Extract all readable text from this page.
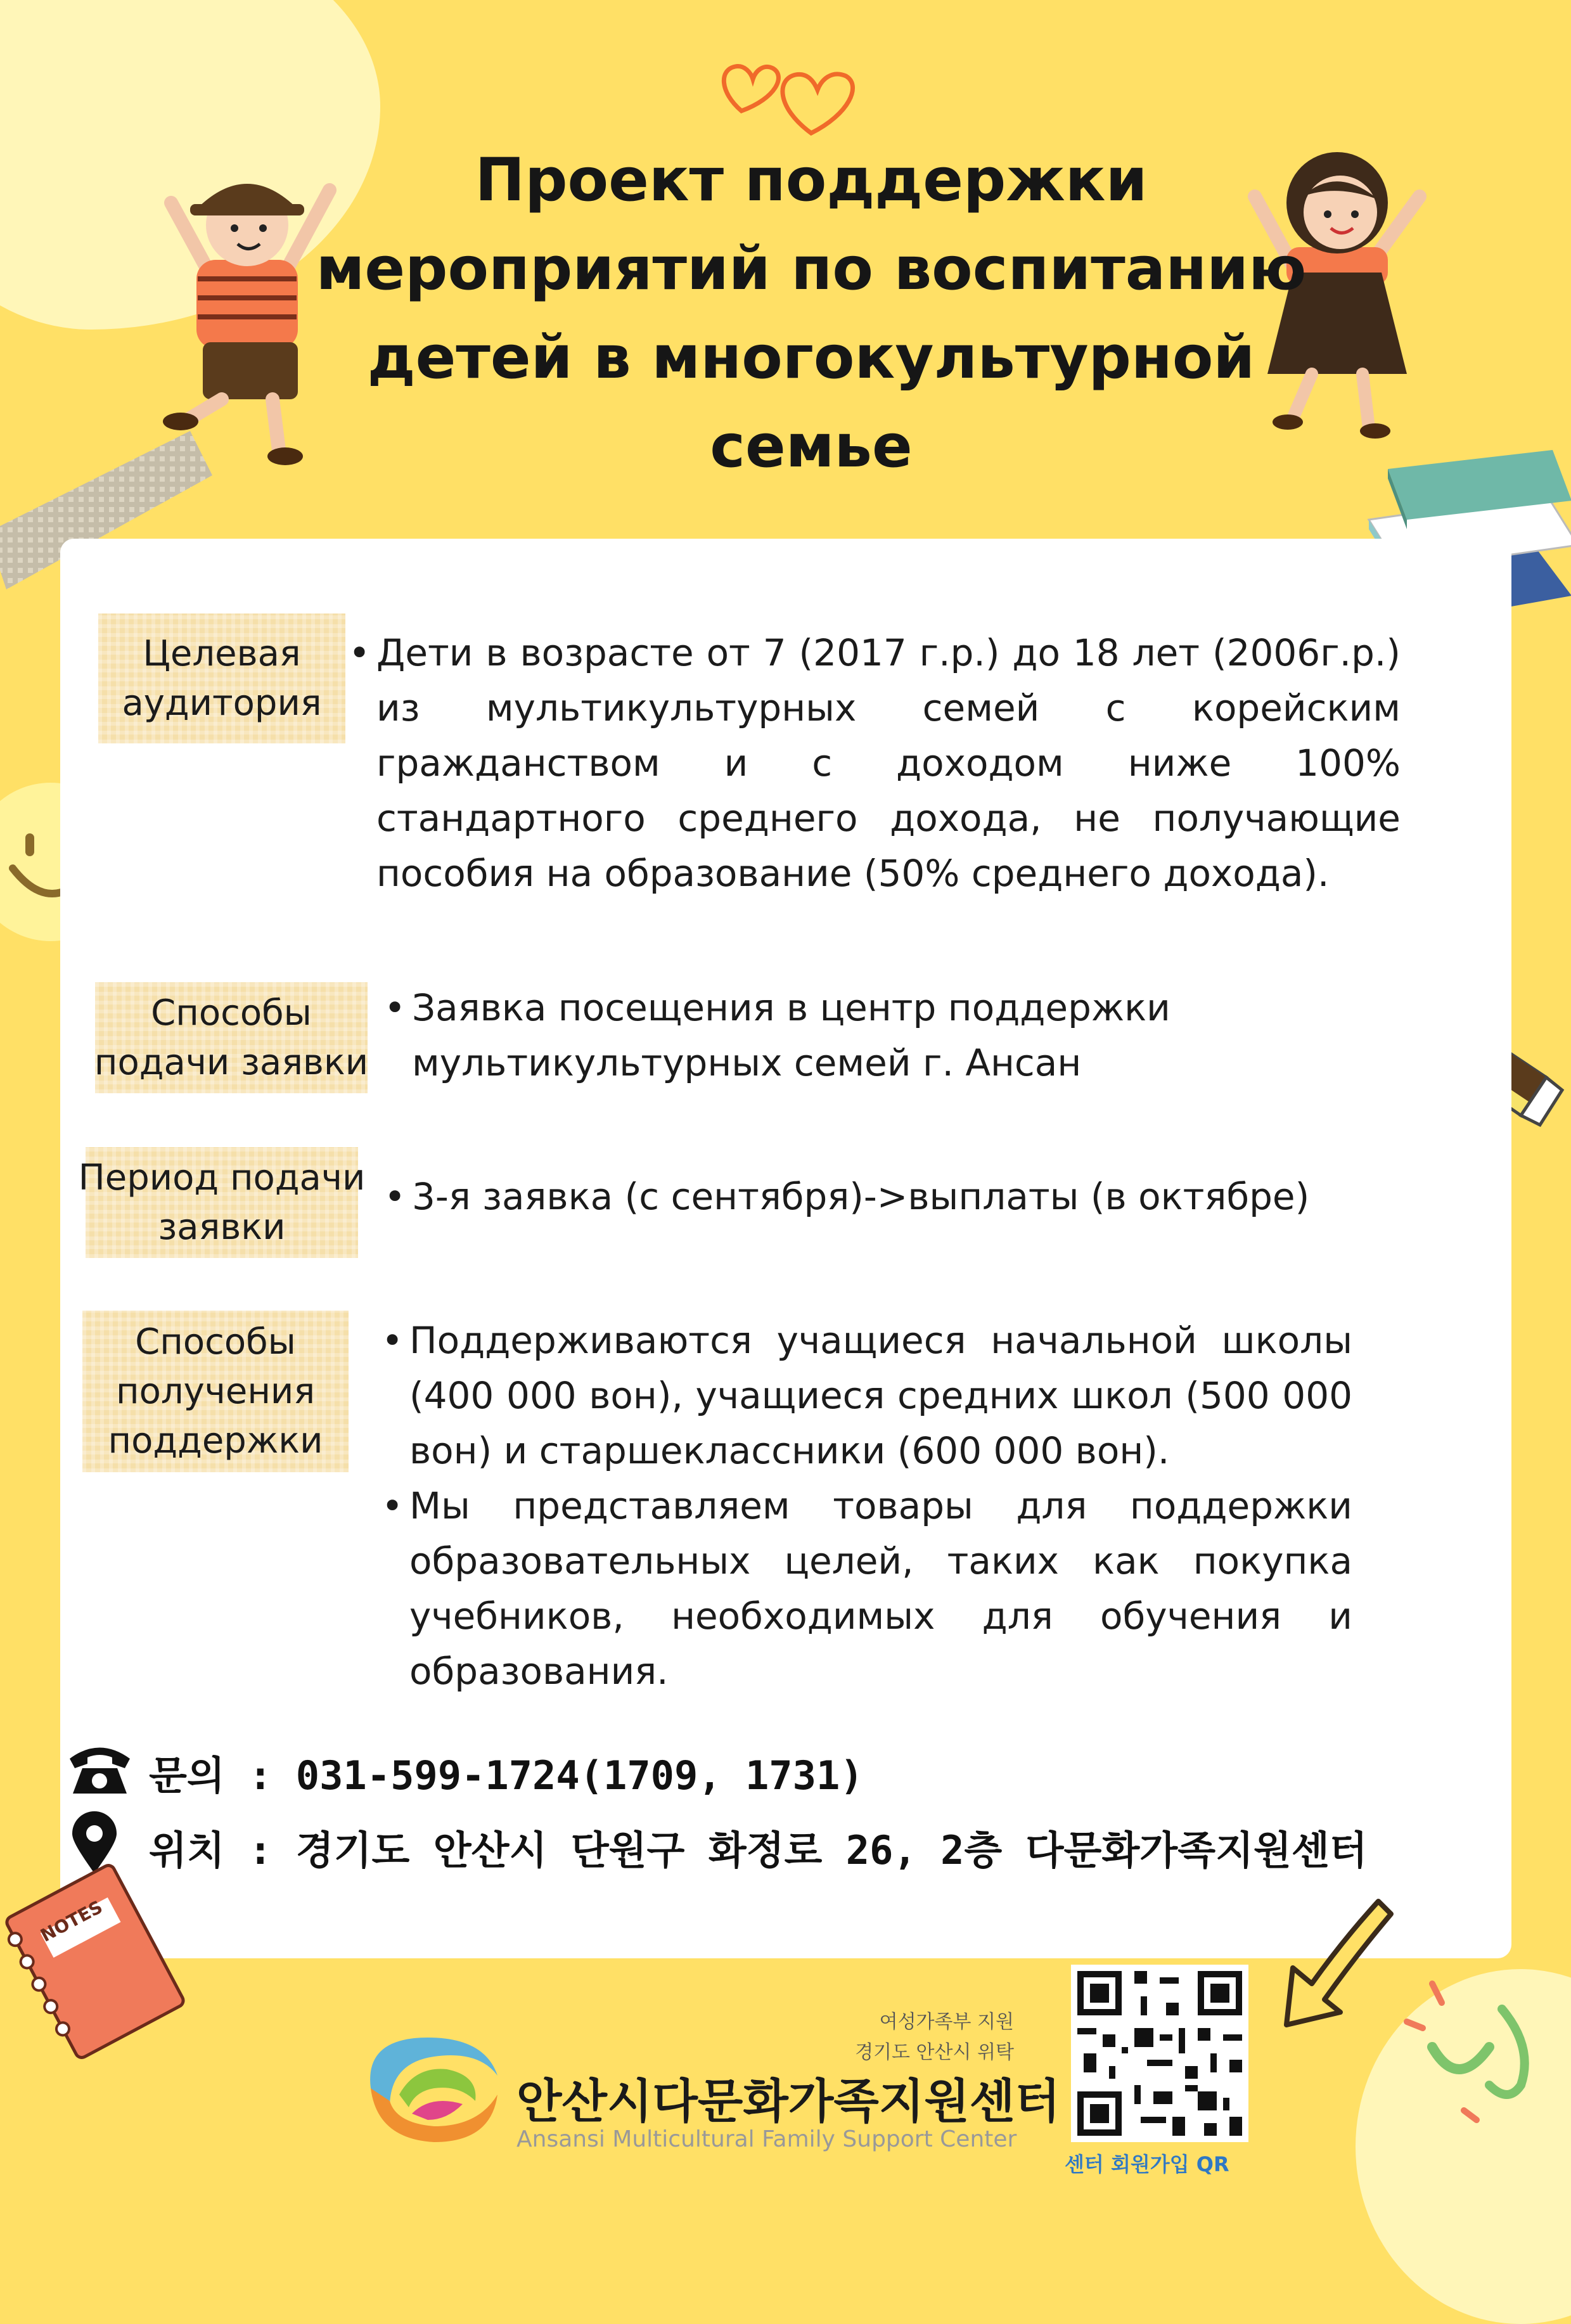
Проект поддержки
мероприятий по воспитанию
детей в многокультурной
семье
Целевая
аудитория
• Дети в возрасте от 7 (2017 г.р.) до 18 лет (2006г.р.) из мультикультурных семей с корейским гражданством и с доходом ниже 100% стандартного среднего дохода, не получающие пособия на образование (50% среднего дохода).
Способы
подачи заявки
• Заявка посещения в центр поддержки мультикультурных семей г. Ансан
Период подачи
заявки
• 3-я заявка (с сентября)->выплаты (в октябре)
Способы
получения
поддержки
• Поддерживаются учащиеся начальной школы (400 000 вон), учащиеся средних школ (500 000 вон) и старшеклассники (600 000 вон).
• Мы представляем товары для поддержки образовательных целей, таких как покупка учебников, необходимых для обучения и образования.
문의 : 031-599-1724(1709, 1731)
위치 : 경기도 안산시 단원구 화정로 26, 2층 다문화가족지원센터
NOTES
여성가족부 지원
경기도 안산시 위탁
안산시다문화가족지원센터
Ansansi Multicultural Family Support Center
센터 회원가입 QR
